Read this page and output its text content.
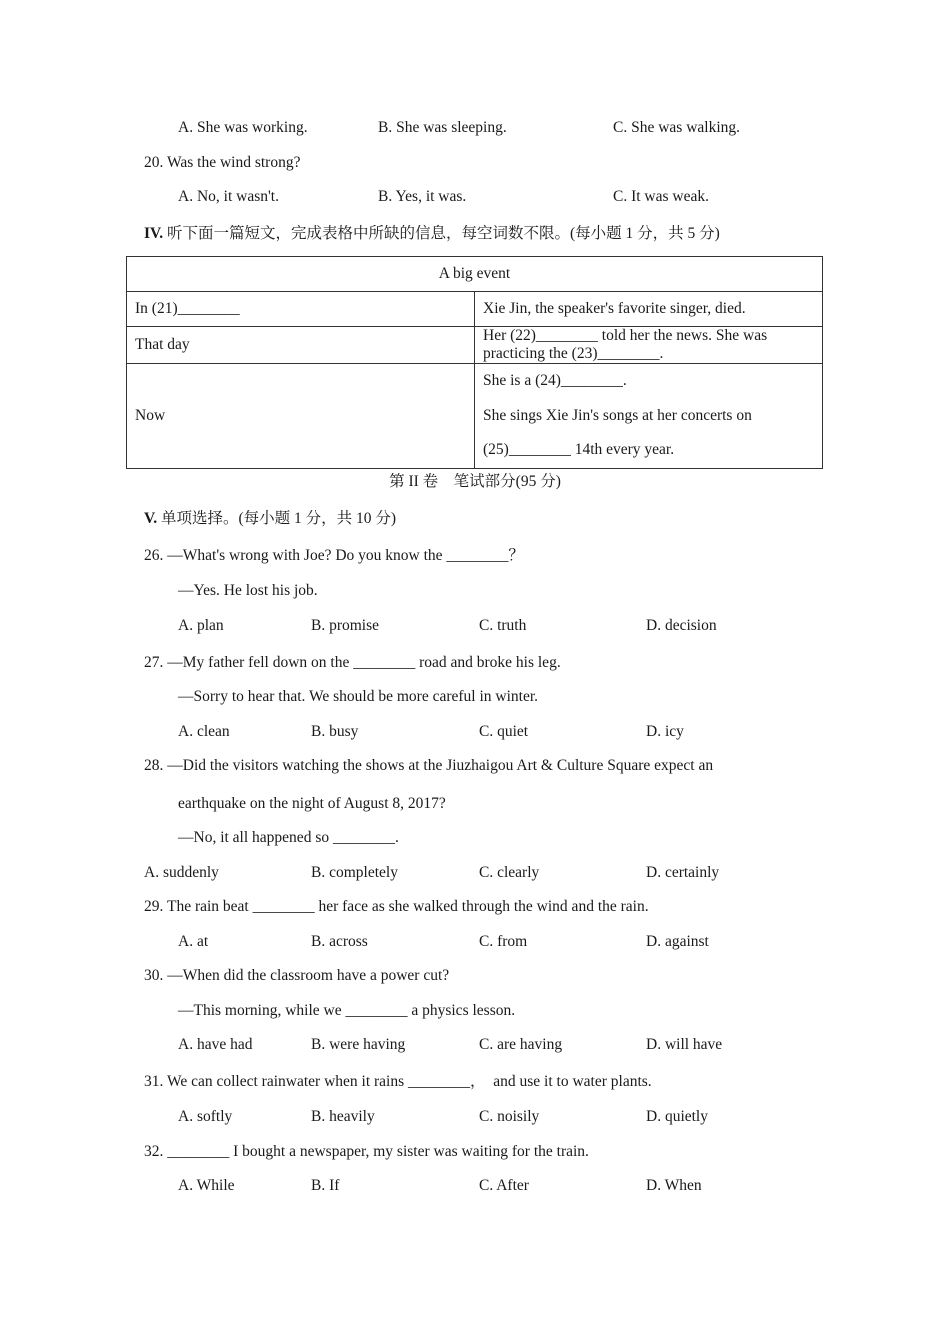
A. She was working.	B. She was sleeping.	C. She was walking.
20. Was the wind strong?
A. No, it wasn't.	B. Yes, it was.	C. It was weak.
IV. 听下面一篇短文，完成表格中所缺的信息，每空词数不限。(每小题 1 分，共 5 分)
A big event	
In (21)________	Xie Jin, the speaker's favorite singer, died.
That day	Her (22)________ told her the news. She was practicing the (23)________.
Now	She is a (24)________.
She sings Xie Jin's songs at her concerts on
(25)________ 14th every year.
第 II 卷　笔试部分(95 分)
V. 单项选择。(每小题 1 分，共 10 分)
26. —What's wrong with Joe? Do you know the ________？
—Yes. He lost his job.
A. plan	B. promise	C. truth	D. decision
27. —My father fell down on the ________ road and broke his leg.
—Sorry to hear that. We should be more careful in winter.
A. clean	B. busy	C. quiet	D. icy
28. —Did the visitors watching the shows at the Jiuzhaigou Art & Culture Square expect an
earthquake on the night of August 8, 2017?
—No, it all happened so ________.
A. suddenly	B. completely	C. clearly	D. certainly
29. The rain beat ________ her face as she walked through the wind and the rain.
A. at	B. across	C. from	D. against
30. —When did the classroom have a power cut?
—This morning, while we ________ a physics lesson.
A. have had	B. were having	C. are having	D. will have
31. We can collect rainwater when it rains ________，　and use it to water plants.
A. softly	B. heavily	C. noisily	D. quietly
32. ________ I bought a newspaper, my sister was waiting for the train.
A. While	B. If	C. After	D. When
